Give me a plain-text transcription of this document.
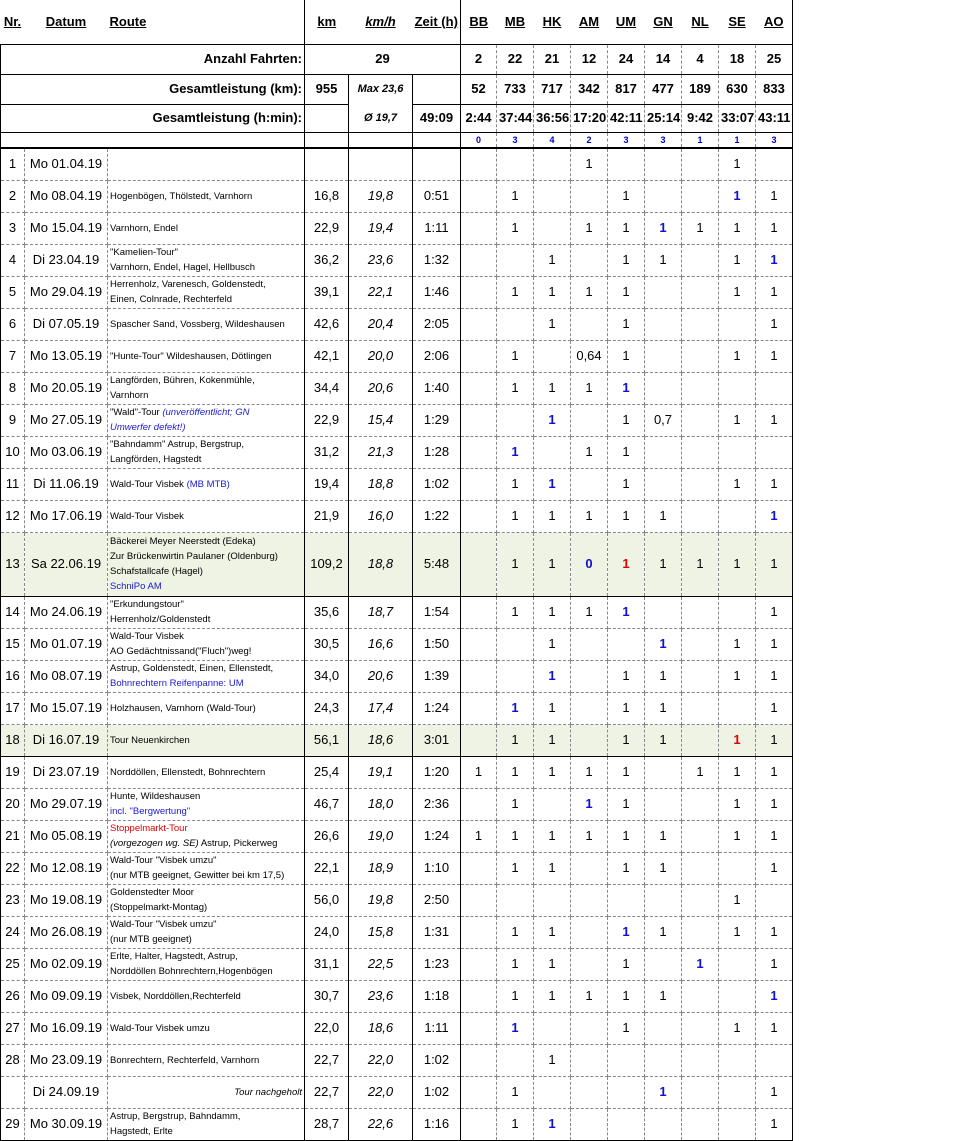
Nr.	Datum	Route	km	km/h	Zeit (h)	BB	MB	HK	AM	UM	GN	NL	SE	AO
Anzahl Fahrten:			29			2	22	21	12	24	14	4	18	25
Gesamtleistung (km):			955	Max 23,6		52	733	717	342	817	477	189	630	833
Gesamtleistung (h:min):				Ø 19,7	49:09	2:44	37:44	36:56	17:20	42:11	25:14	9:42	33:07	43:11
						0	3	4	2	3	3	1	1	3
1	Mo 01.04.19								1				1	
2	Mo 08.04.19	Hogenbögen, Thölstedt, Varnhorn	16,8	19,8	0:51		1			1			1	1
3	Mo 15.04.19	Varnhorn, Endel	22,9	19,4	1:11		1		1	1	1	1	1	1
4	Di 23.04.19	"Kamelien-Tour"
Varnhorn, Endel, Hagel, Hellbusch	36,2	23,6	1:32			1		1	1		1	1
5	Mo 29.04.19	Herrenholz, Varenesch, Goldenstedt,
Einen, Colnrade, Rechterfeld	39,1	22,1	1:46		1	1	1	1			1	1
6	Di 07.05.19	Spascher Sand, Vossberg, Wildeshausen	42,6	20,4	2:05			1		1				1
7	Mo 13.05.19	"Hunte-Tour" Wildeshausen, Dötlingen	42,1	20,0	2:06		1		0,64	1			1	1
8	Mo 20.05.19	Langförden, Bühren, Kokenmühle,
Varnhorn	34,4	20,6	1:40		1	1	1	1				
9	Mo 27.05.19	"Wald"-Tour (unveröffentlicht; GN
Umwerfer defekt!)	22,9	15,4	1:29			1		1	0,7		1	1
10	Mo 03.06.19	"Bahndamm" Astrup, Bergstrup,
Langförden, Hagstedt	31,2	21,3	1:28		1		1	1				
11	Di 11.06.19	Wald-Tour Visbek (MB MTB)	19,4	18,8	1:02		1	1		1			1	1
12	Mo 17.06.19	Wald-Tour Visbek	21,9	16,0	1:22		1	1	1	1	1			1
13	Sa 22.06.19	Bäckerei Meyer Neerstedt (Edeka)
Zur Brückenwirtin Paulaner (Oldenburg)
Schafstallcafe (Hagel)
SchniPo AM	109,2	18,8	5:48		1	1	0	1	1	1	1	1
14	Mo 24.06.19	"Erkundungstour"
Herrenholz/Goldenstedt	35,6	18,7	1:54		1	1	1	1				1
15	Mo 01.07.19	Wald-Tour Visbek
AO Gedächtnissand("Fluch")weg!	30,5	16,6	1:50			1			1		1	1
16	Mo 08.07.19	Astrup, Goldenstedt, Einen, Ellenstedt,
Bohnrechtern Reifenpanne: UM	34,0	20,6	1:39			1		1	1		1	1
17	Mo 15.07.19	Holzhausen, Varnhorn (Wald-Tour)	24,3	17,4	1:24		1	1		1	1			1
18	Di 16.07.19	Tour Neuenkirchen	56,1	18,6	3:01		1	1		1	1		1	1
19	Di 23.07.19	Norddöllen, Ellenstedt, Bohnrechtern	25,4	19,1	1:20	1	1	1	1	1		1	1	1
20	Mo 29.07.19	Hunte, Wildeshausen
incl. "Bergwertung"	46,7	18,0	2:36		1		1	1			1	1
21	Mo 05.08.19	Stoppelmarkt-Tour
(vorgezogen wg. SE) Astrup, Pickerweg	26,6	19,0	1:24	1	1	1	1	1	1		1	1
22	Mo 12.08.19	Wald-Tour "Visbek umzu"
(nur MTB geeignet, Gewitter bei km 17,5)	22,1	18,9	1:10		1	1		1	1			1
23	Mo 19.08.19	Goldenstedter Moor
(Stoppelmarkt-Montag)	56,0	19,8	2:50								1	
24	Mo 26.08.19	Wald-Tour "Visbek umzu"
(nur MTB geeignet)	24,0	15,8	1:31		1	1		1	1		1	1
25	Mo 02.09.19	Erlte, Halter, Hagstedt, Astrup,
Norddöllen Bohnrechtern,Hogenbögen	31,1	22,5	1:23		1	1		1		1		1
26	Mo 09.09.19	Visbek, Norddöllen,Rechterfeld	30,7	23,6	1:18		1	1	1	1	1			1
27	Mo 16.09.19	Wald-Tour Visbek umzu	22,0	18,6	1:11		1			1			1	1
28	Mo 23.09.19	Bonrechtern, Rechterfeld, Varnhorn	22,7	22,0	1:02			1						
	Di 24.09.19	Tour nachgeholt	22,7	22,0	1:02		1				1			1
29	Mo 30.09.19	Astrup, Bergstrup, Bahndamm,
Hagstedt, Erlte	28,7	22,6	1:16		1	1						1
